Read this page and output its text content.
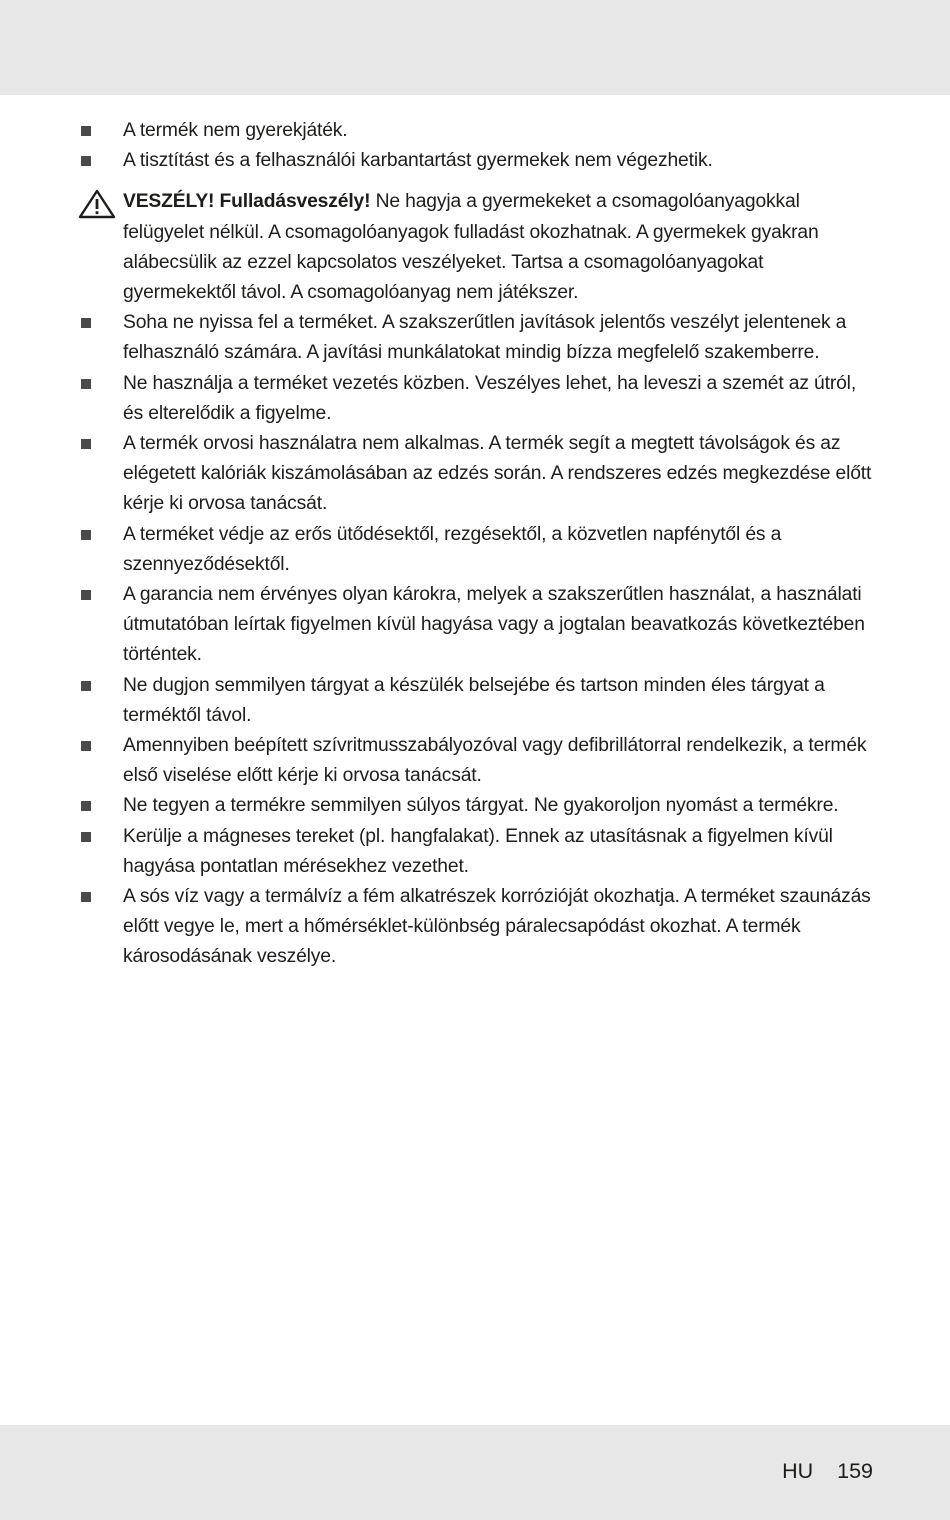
A termék nem gyerekjáték.
A tisztítást és a felhasználói karbantartást gyermekek nem végezhetik.
VESZÉLY! Fulladásveszély! Ne hagyja a gyermekeket a csomagolóanyagokkal felügyelet nélkül. A csomagolóanyagok fulladást okozhatnak. A gyermekek gyakran alábecsülik az ezzel kapcsolatos veszélyeket. Tartsa a csomagolóanyagokat gyermekektől távol. A csomagolóanyag nem játékszer.
Soha ne nyissa fel a terméket. A szakszerűtlen javítások jelentős veszélyt jelentenek a felhasználó számára. A javítási munkálatokat mindig bízza megfelelő szakemberre.
Ne használja a terméket vezetés közben. Veszélyes lehet, ha leveszi a szemét az útról, és elterelődik a figyelme.
A termék orvosi használatra nem alkalmas. A termék segít a megtett távolságok és az elégetett kalóriák kiszámolásában az edzés során. A rendszeres edzés megkezdése előtt kérje ki orvosa tanácsát.
A terméket védje az erős ütődésektől, rezgésektől, a közvetlen napfénytől és a szennyeződésektől.
A garancia nem érvényes olyan károkra, melyek a szakszerűtlen használat, a használati útmutatóban leírtak figyelmen kívül hagyása vagy a jogtalan beavatkozás következtében történtek.
Ne dugjon semmilyen tárgyat a készülék belsejébe és tartson minden éles tárgyat a terméktől távol.
Amennyiben beépített szívritmusszabályozóval vagy defibrillátorral rendelkezik, a termék első viselése előtt kérje ki orvosa tanácsát.
Ne tegyen a termékre semmilyen súlyos tárgyat. Ne gyakoroljon nyomást a termékre.
Kerülje a mágneses tereket (pl. hangfalakat). Ennek az utasításnak a figyelmen kívül hagyása pontatlan mérésekhez vezethet.
A sós víz vagy a termálvíz a fém alkatrészek korrózióját okozhatja. A terméket szaunázás előtt vegye le, mert a hőmérséklet-különbség páralecsapódást okozhat. A termék károsodásának veszélye.
HU 159
